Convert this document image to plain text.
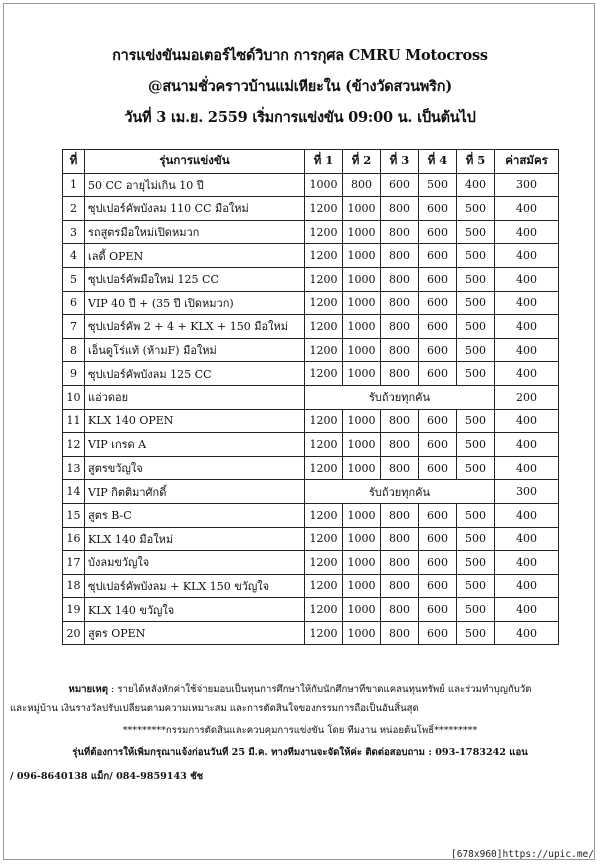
การแข่งขันมอเตอร์ไซด์วิบาก การกุศล CMRU Motocross
@สนามชั่วคราวบ้านแม่เหียะใน (ข้างวัดสวนพริก)
วันที่ 3 เม.ย. 2559 เริ่มการแข่งขัน 09:00 น. เป็นต้นไป
ที่	รุ่นการแข่งขัน	ที่ 1	ที่ 2	ที่ 3	ที่ 4	ที่ 5	ค่าสมัคร
1	50 CC อายุไม่เกิน 10 ปี	1000	800	600	500	400	300
2	ซุปเปอร์คัพบังลม 110 CC มือใหม่	1200	1000	800	600	500	400
3	รถสูตรมือใหม่เปิดหมวก	1200	1000	800	600	500	400
4	เลดี้ OPEN	1200	1000	800	600	500	400
5	ซุปเปอร์คัพมือใหม่ 125 CC	1200	1000	800	600	500	400
6	VIP 40 ปี + (35 ปี เปิดหมวก)	1200	1000	800	600	500	400
7	ซุปเปอร์คัพ 2 + 4 + KLX + 150 มือใหม่	1200	1000	800	600	500	400
8	เอ็นดูโร่แท้ (ห้ามF) มือใหม่	1200	1000	800	600	500	400
9	ซุปเปอร์คัพบังลม 125 CC	1200	1000	800	600	500	400
10	แอ่วดอย	รับถ้วยทุกคัน					200
11	KLX 140 OPEN	1200	1000	800	600	500	400
12	VIP เกรด A	1200	1000	800	600	500	400
13	สูตรขวัญใจ	1200	1000	800	600	500	400
14	VIP กิตติมาศักดิ์	รับถ้วยทุกคัน					300
15	สูตร B-C	1200	1000	800	600	500	400
16	KLX 140 มือใหม่	1200	1000	800	600	500	400
17	บังลมขวัญใจ	1200	1000	800	600	500	400
18	ซุปเปอร์คัพบังลม + KLX 150 ขวัญใจ	1200	1000	800	600	500	400
19	KLX 140 ขวัญใจ	1200	1000	800	600	500	400
20	สูตร OPEN	1200	1000	800	600	500	400
หมายเหตุ : รายได้หลังหักค่าใช้จ่ายมอบเป็นทุนการศึกษาให้กับนักศึกษาที่ขาดแคลนทุนทรัพย์ และร่วมทำบุญกับวัด
และหมู่บ้าน เงินรางวัลปรับเปลี่ยนตามความเหมาะสม และการตัดสินใจของกรรมการถือเป็นอันสิ้นสุด
*********กรรมการตัดสินและควบคุมการแข่งขัน โดย ทีมงาน หน่อยต้นโพธิ์*********
รุ่นที่ต้องการให้เพิ่มกรุณาแจ้งก่อนวันที่ 25 มี.ค. ทางทีมงานจะจัดให้ค่ะ ติดต่อสอบถาม : 093-1783242 แอน
/ 096-8640138 แม็ก/ 084-9859143 ชัช
[678x960]https://upic.me/
